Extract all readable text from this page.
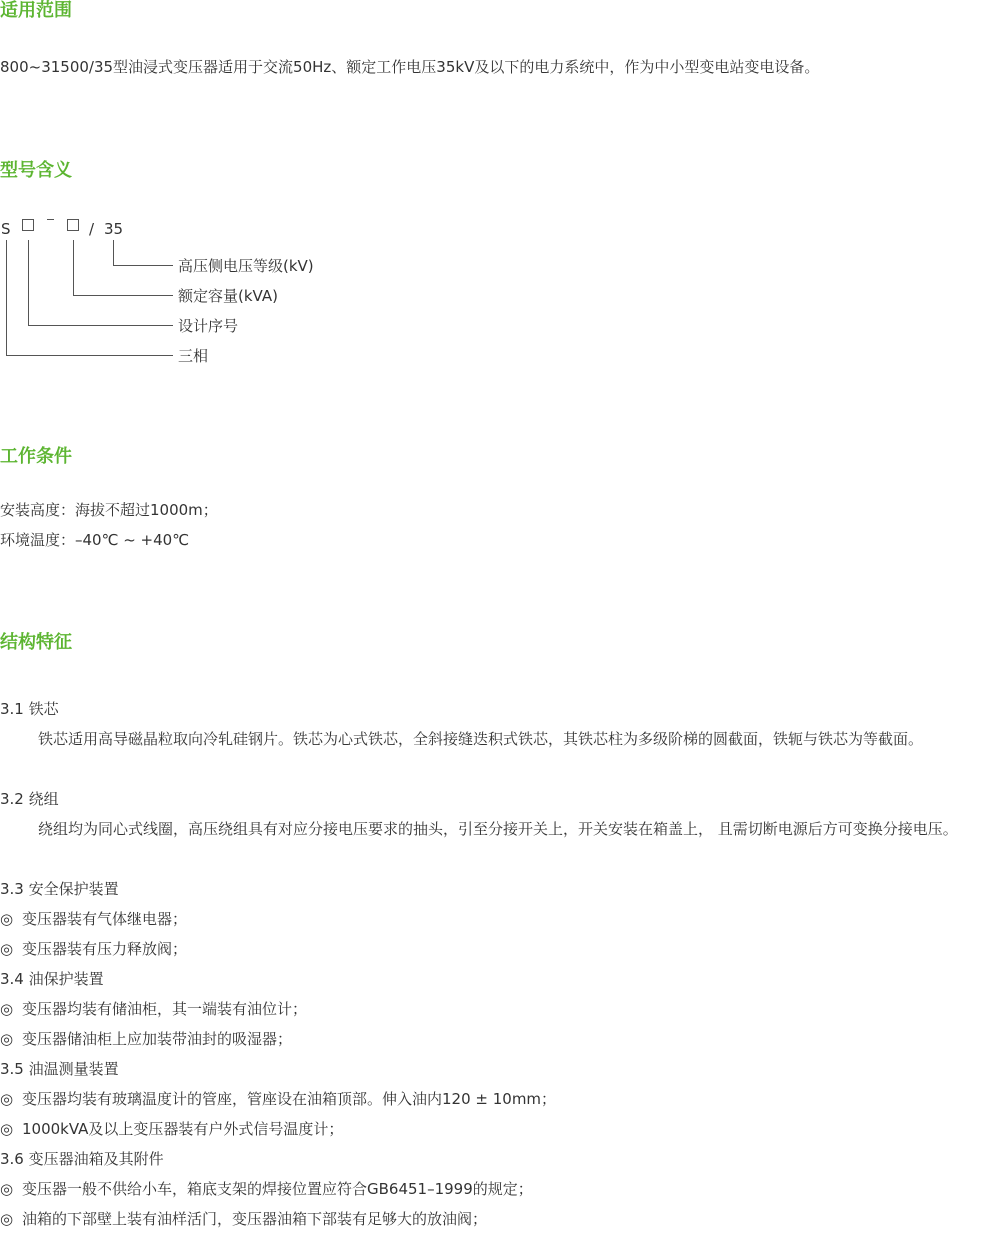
适用范围

800~31500/35型油浸式变压器适用于交流50Hz、额定工作电压35kV及以下的电力系统中，作为中小型变电站变电设备。

型号含义
S	/ 35
高压侧电压等级(kV)
额定容量(kVA)
设计序号
三相
工作条件

安装高度：海拔不超过1000m；

环境温度：–40℃ ~ +40℃

结构特征

3.1 铁芯

铁芯适用高导磁晶粒取向冷轧硅钢片。铁芯为心式铁芯，全斜接缝迭积式铁芯，其铁芯柱为多级阶梯的圆截面，铁轭与铁芯为等截面。

3.2 绕组

绕组均为同心式线圈，高压绕组具有对应分接电压要求的抽头，引至分接开关上，开关安装在箱盖上， 且需切断电源后方可变换分接电压。

3.3 安全保护装置

◎ 变压器装有气体继电器；

◎ 变压器装有压力释放阀；

3.4 油保护装置

◎ 变压器均装有储油柜，其一端装有油位计；

◎ 变压器储油柜上应加装带油封的吸湿器；

3.5 油温测量装置

◎ 变压器均装有玻璃温度计的管座，管座设在油箱顶部。伸入油内120 ± 10mm；

◎ 1000kVA及以上变压器装有户外式信号温度计；

3.6 变压器油箱及其附件

◎ 变压器一般不供给小车，箱底支架的焊接位置应符合GB6451–1999的规定；

◎ 油箱的下部壁上装有油样活门，变压器油箱下部装有足够大的放油阀；
